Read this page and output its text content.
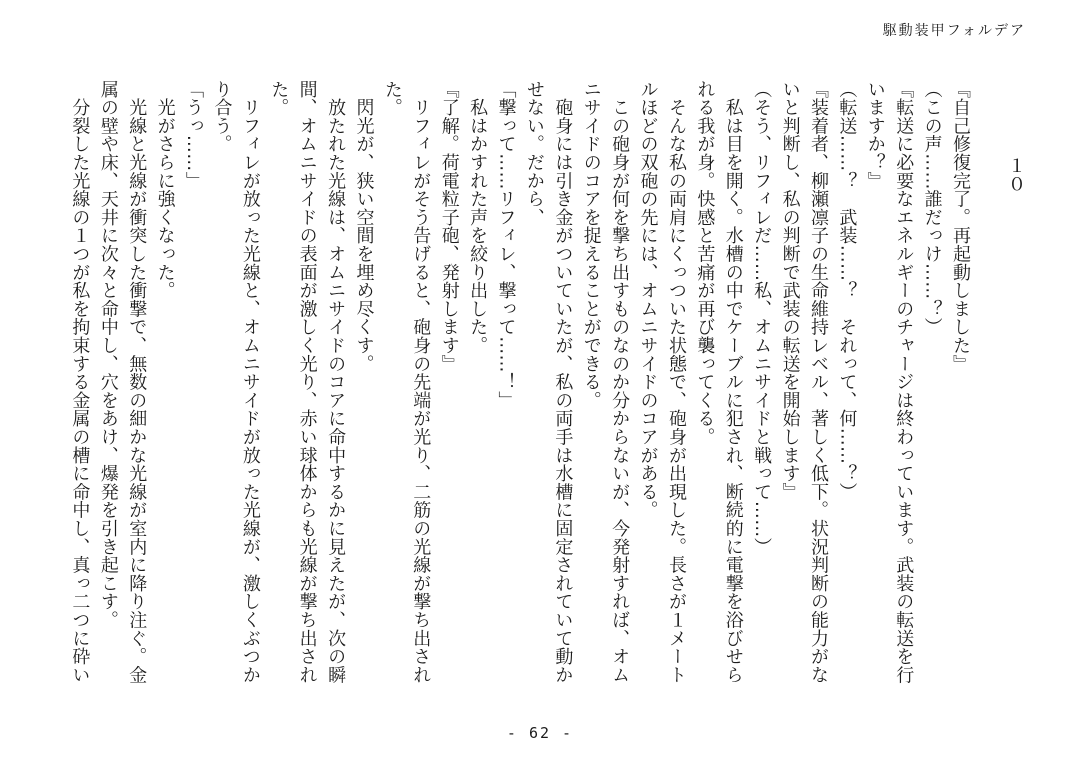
駆動装甲フォルデア
１０

『自己修復完了。再起動しました』

（この声……誰だっけ……？）

『転送に必要なエネルギーのチャージは終わっています。武装の転送を行

いますか？』

（転送……？　武装……？　それって、何……？）

『装着者、柳瀬凛子の生命維持レベル、著しく低下。状況判断の能力がな

いと判断し、私の判断で武装の転送を開始します』

（そう、リフィレだ……私、オムニサイドと戦って……）

　私は目を開く。水槽の中でケーブルに犯され、断続的に電撃を浴びせら

れる我が身。快感と苦痛が再び襲ってくる。

　そんな私の両肩にくっついた状態で、砲身が出現した。長さが１メート

ルほどの双砲の先には、オムニサイドのコアがある。

　この砲身が何を撃ち出すものなのか分からないが、今発射すれば、オム

ニサイドのコアを捉えることができる。

　砲身には引き金がついていたが、私の両手は水槽に固定されていて動か

せない。だから、

「撃って……リフィレ、撃って……！」

　私はかすれた声を絞り出した。

『了解。荷電粒子砲、発射します』

　リフィレがそう告げると、砲身の先端が光り、二筋の光線が撃ち出され

た。

　閃光が、狭い空間を埋め尽くす。

　放たれた光線は、オムニサイドのコアに命中するかに見えたが、次の瞬

間、オムニサイドの表面が激しく光り、赤い球体からも光線が撃ち出され

た。

　リフィレが放った光線と、オムニサイドが放った光線が、激しくぶつか

り合う。

「うっ……」

　光がさらに強くなった。

　光線と光線が衝突した衝撃で、無数の細かな光線が室内に降り注ぐ。金

属の壁や床、天井に次々と命中し、穴をあけ、爆発を引き起こす。

　分裂した光線の１つが私を拘束する金属の槽に命中し、真っ二つに砕い

- 62 -
